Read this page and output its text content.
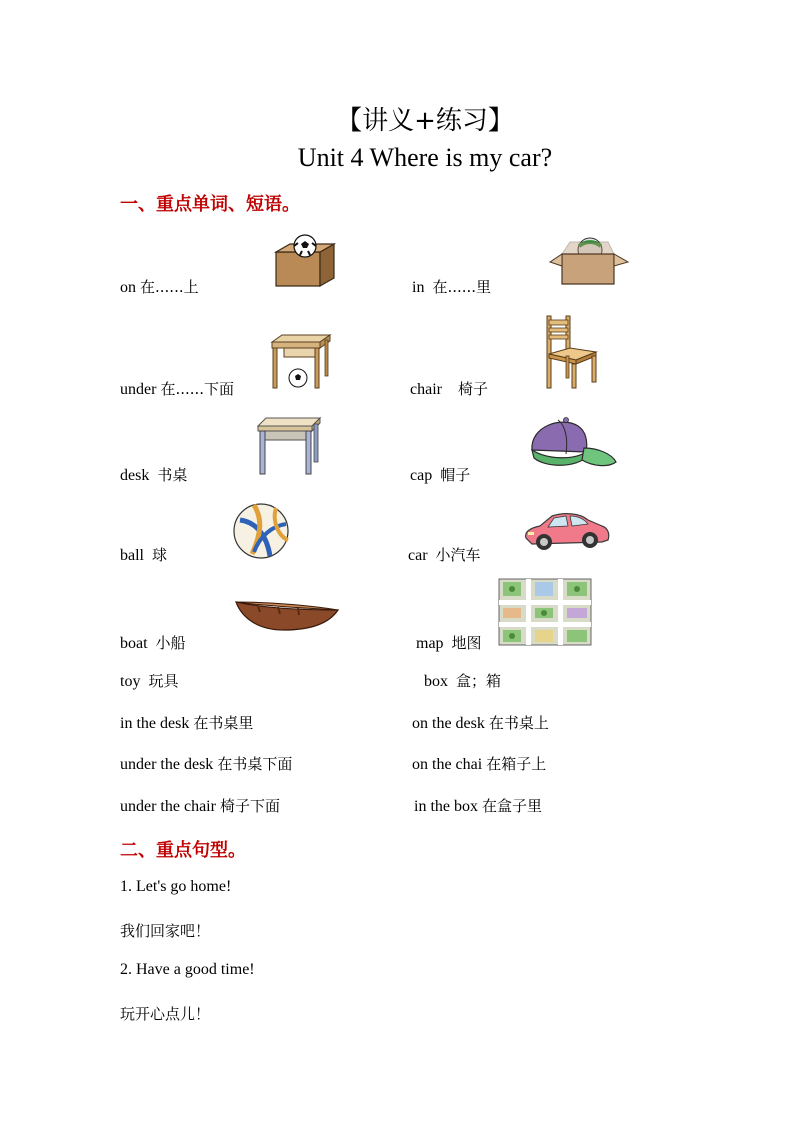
【讲义+练习】
Unit 4 Where is my car?
一、重点单词、短语。
on 在......上	in 在......里
under 在......下面	chair 椅子
desk 书桌	cap 帽子
ball 球	car 小汽车
boat 小船	map 地图
toy 玩具	box 盒；箱
in the desk 在书桌里	on the desk 在书桌上
under the desk 在书桌下面	on the chai 在箱子上
under the chair 椅子下面	in the box 在盒子里
二、重点句型。
1. Let's go home!
我们回家吧！
2. Have a good time!
玩开心点儿！
